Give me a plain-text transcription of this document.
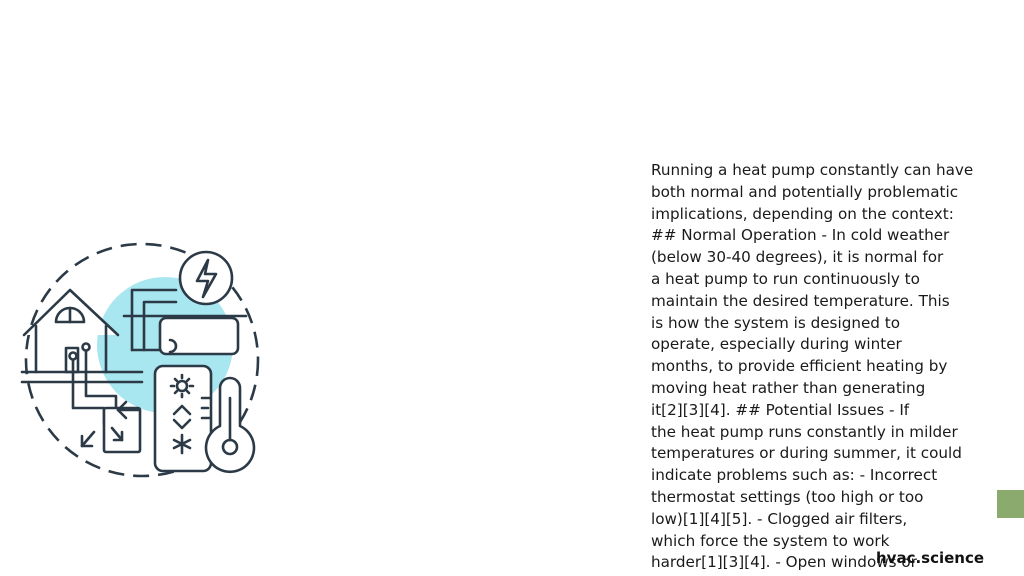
Running a heat pump constantly can have
both normal and potentially problematic
implications, depending on the context:
## Normal Operation - In cold weather
(below 30-40 degrees), it is normal for
a heat pump to run continuously to
maintain the desired temperature. This
is how the system is designed to
operate, especially during winter
months, to provide efficient heating by
moving heat rather than generating
it[2][3][4]. ## Potential Issues - If
the heat pump runs constantly in milder
temperatures or during summer, it could
indicate problems such as: - Incorrect
thermostat settings (too high or too
low)[1][4][5]. - Clogged air filters,
which force the system to work
harder[1][3][4]. - Open windows or

hvac.science
